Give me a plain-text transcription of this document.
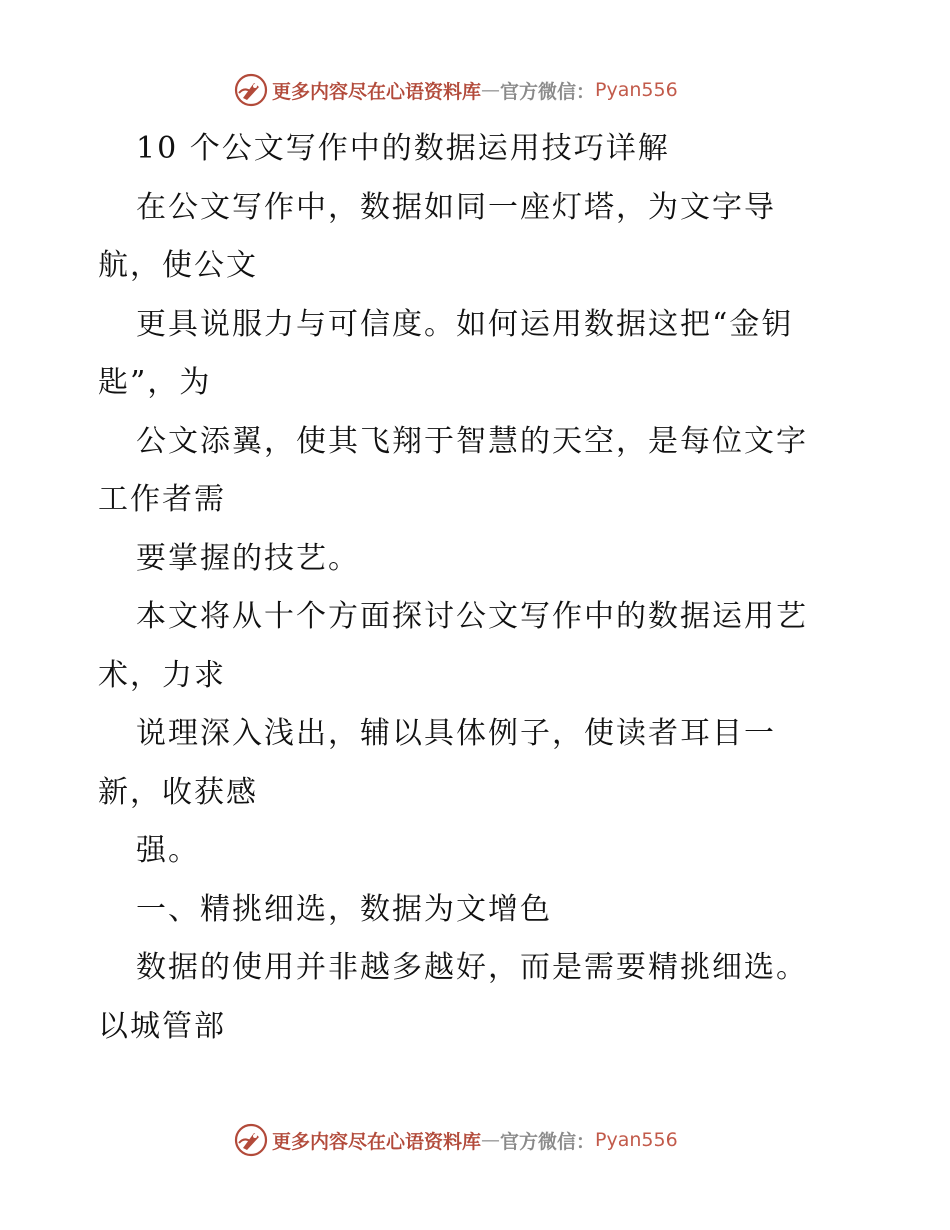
更多内容尽在心语资料库 — 官方微信： Pyan556
10 个公文写作中的数据运用技巧详解
在公文写作中，数据如同一座灯塔，为文字导
航，使公文
更具说服力与可信度。如何运用数据这把“金钥
匙”，为
公文添翼，使其飞翔于智慧的天空，是每位文字
工作者需
要掌握的技艺。
本文将从十个方面探讨公文写作中的数据运用艺
术，力求
说理深入浅出，辅以具体例子，使读者耳目一
新，收获感
强。
一、精挑细选，数据为文增色
数据的使用并非越多越好，而是需要精挑细选。
以城管部
更多内容尽在心语资料库 — 官方微信： Pyan556
